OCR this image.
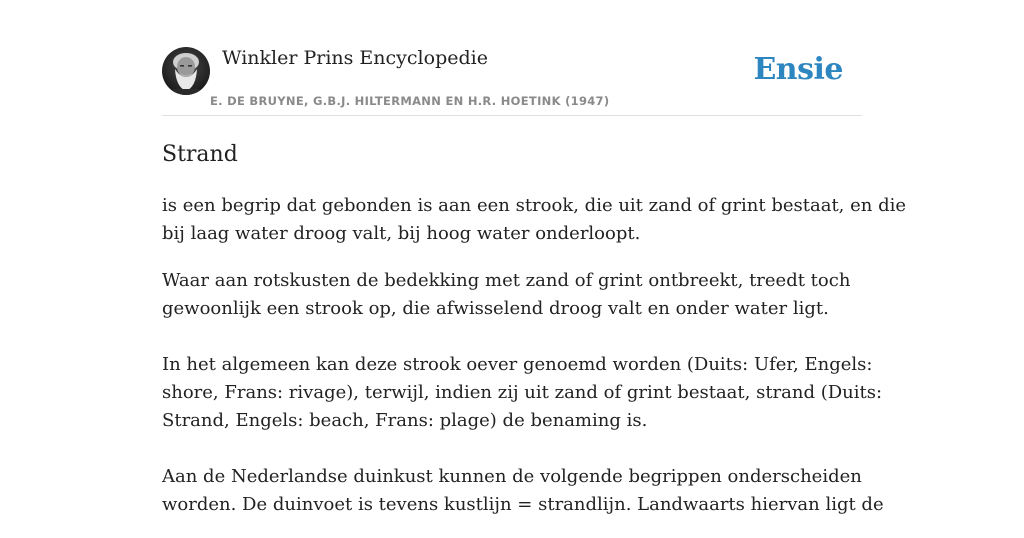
Winkler Prins Encyclopedie
E. DE BRUYNE, G.B.J. HILTERMANN EN H.R. HOETINK (1947)
Ensie
Strand

is een begrip dat gebonden is aan een strook, die uit zand of grint bestaat, en die
bij laag water droog valt, bij hoog water onderloopt.

Waar aan rotskusten de bedekking met zand of grint ontbreekt, treedt toch
gewoonlijk een strook op, die afwisselend droog valt en onder water ligt.

In het algemeen kan deze strook oever genoemd worden (Duits: Ufer, Engels:
shore, Frans: rivage), terwijl, indien zij uit zand of grint bestaat, strand (Duits:
Strand, Engels: beach, Frans: plage) de benaming is.

Aan de Nederlandse duinkust kunnen de volgende begrippen onderscheiden
worden. De duinvoet is tevens kustlijn = strandlijn. Landwaarts hiervan ligt de
